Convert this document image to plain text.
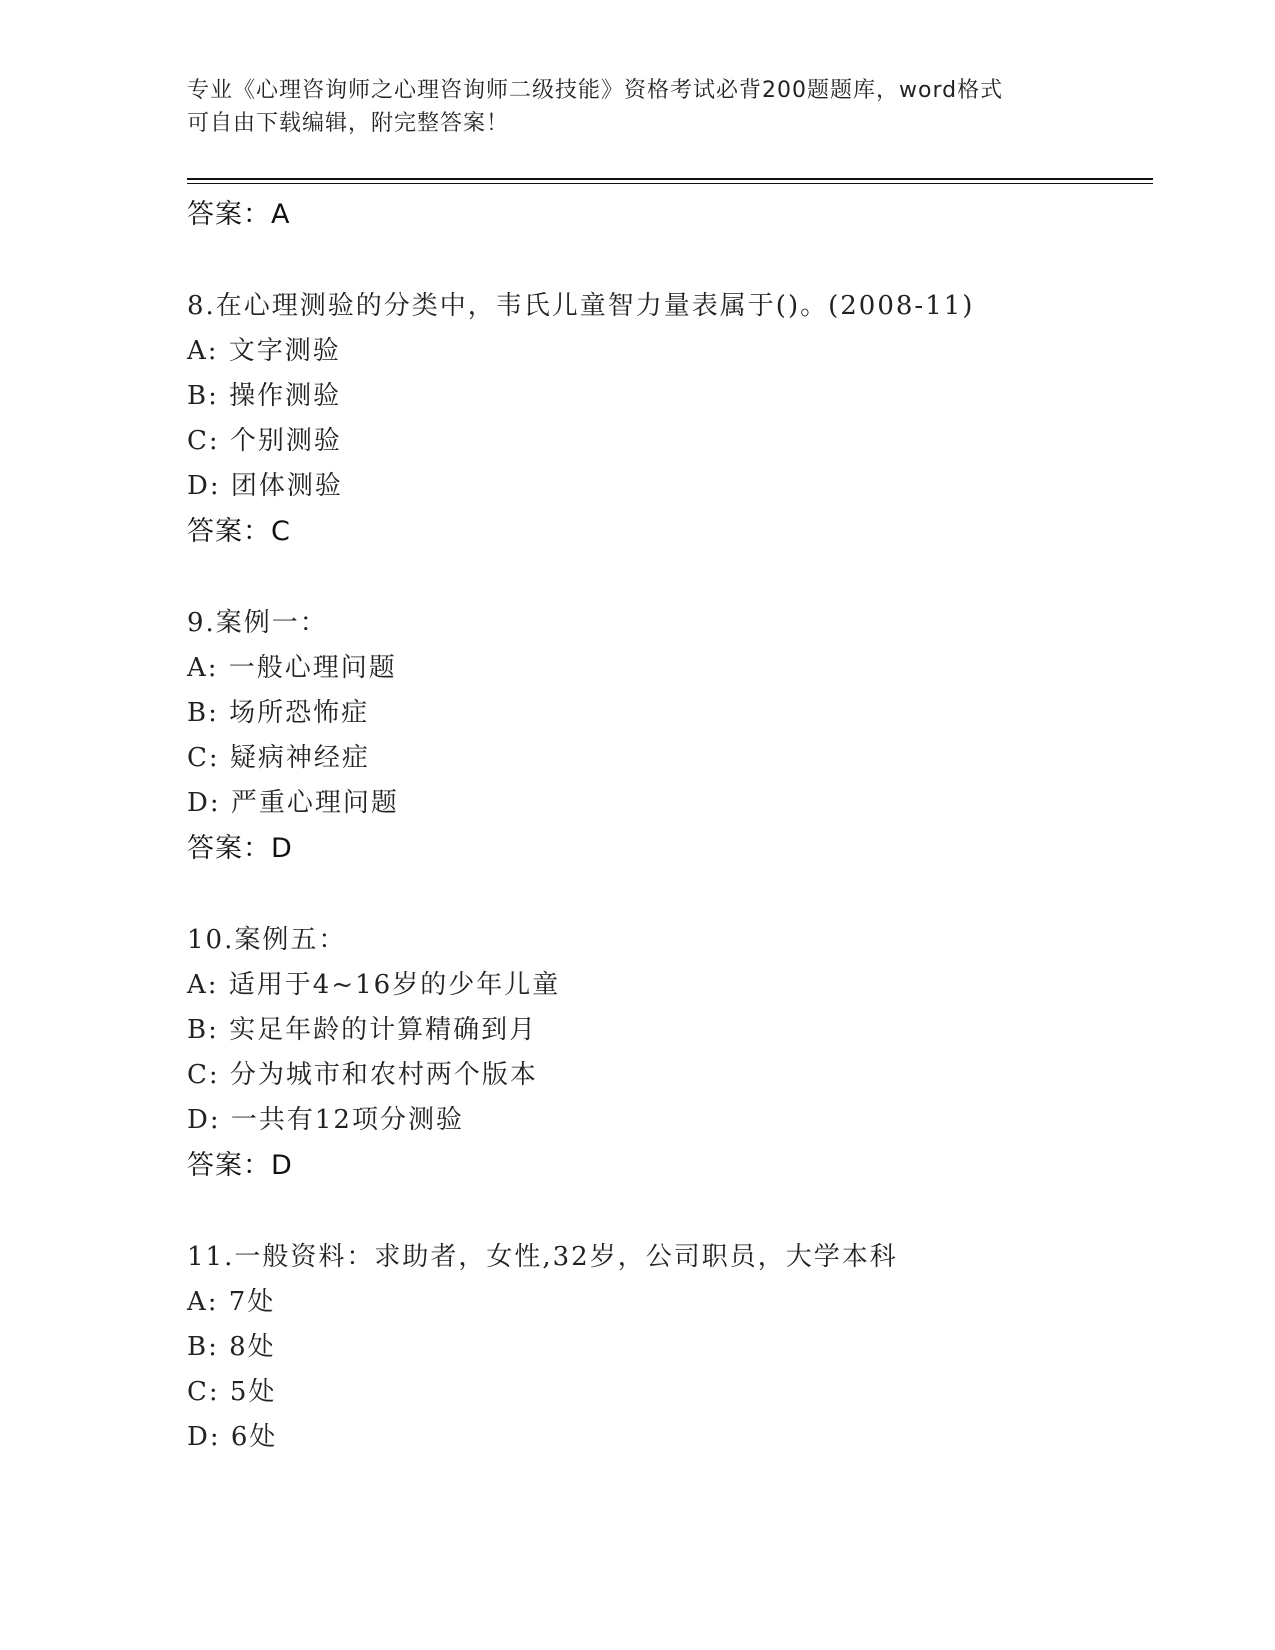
专业《心理咨询师之心理咨询师二级技能》资格考试必背200题题库，word格式
可自由下载编辑，附完整答案！
答案：A
8.在心理测验的分类中，韦氏儿童智力量表属于()。(2008-11)
A: 文字测验
B: 操作测验
C: 个别测验
D: 团体测验
答案：C
9.案例一：
A: 一般心理问题
B: 场所恐怖症
C: 疑病神经症
D: 严重心理问题
答案：D
10.案例五：
A: 适用于4~16岁的少年儿童
B: 实足年龄的计算精确到月
C: 分为城市和农村两个版本
D: 一共有12项分测验
答案：D
11.一般资料：求助者，女性,32岁，公司职员，大学本科
A: 7处
B: 8处
C: 5处
D: 6处
